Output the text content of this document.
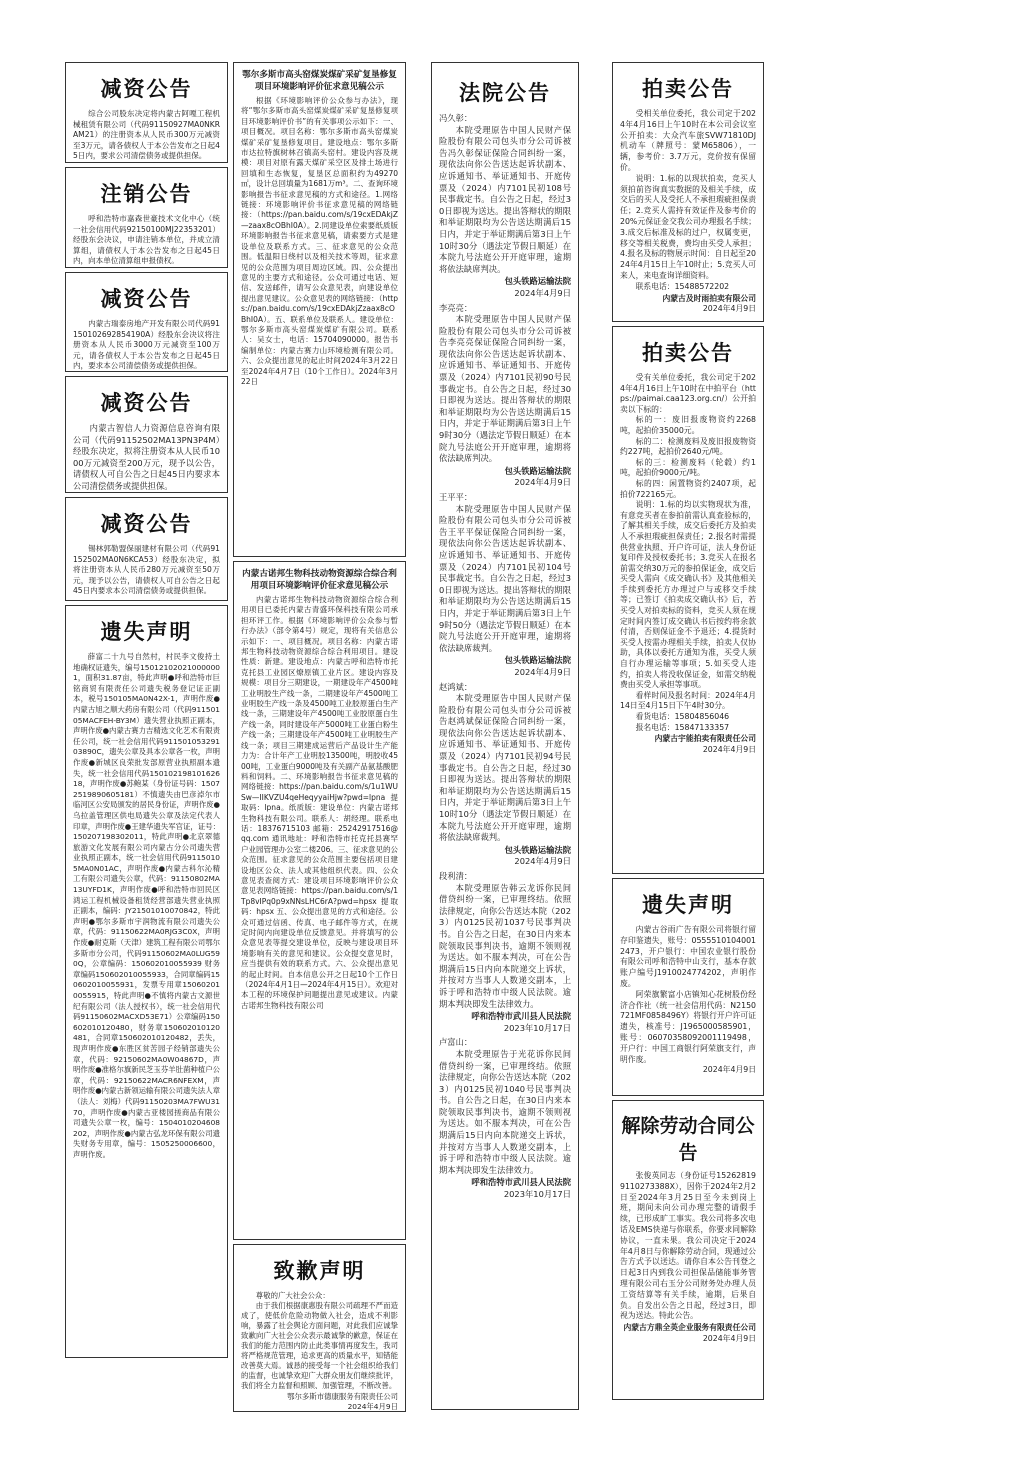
减资公告

综合公司股东决定将内蒙古阿嘎工程机械租赁有限公司（代码91150927MA0NKRAM21）的注册资本从人民币300万元减资至3万元，请各债权人于本公告发布之日起45日内，要求公司清偿债务或提供担保。

注销公告

呼和浩特市嘉森世豪技术文化中心（统一社会信用代码92150100MJ22353201）经股东会决议，申请注销本单位，并成立清算组，请债权人于本公告发布之日起45日内，向本单位清算组申报债权。

减资公告

内蒙古瑞泰房地产开发有限公司代码91150102692854190A）经股东会决议将注册资本从人民币3000万元减资至100万元，请各债权人于本公告发布之日起45日内，要求本公司清偿债务或提供担保。

减资公告

内蒙古智信人力资源信息咨询有限公司（代码91152502MA13PN3P4M）经股东决定，拟将注册资本从人民币1000万元减资至200万元，现予以公告，请债权人可自公告之日起45日内要求本公司清偿债务或提供担保。

减资公告

锡林郭勒盟保丽建材有限公司（代码91152502MA0N6KCA53）经股东决定，拟将注册资本从人民币280万元减资至50万元，现予以公告，请债权人可自公告之日起45日内要求本公司清偿债务或提供担保。

遗失声明

薛富二十九号自然村，村民李文俊持土地确权证遗失，编号150121020210000001，面积31.87亩，特此声明●呼和浩特市巨铭商贸有限责任公司遗失税务登记证正副本，税号150105MA0N42X-1，声明作废●内蒙古旭之顺大药房有限公司（代码91150105MACFEH-BY3M）遗失营业执照正副本，声明作废●内蒙古赛力吉精选文化艺术有限责任公司，统一社会信用代码91150105329103890C，遗失公章及具本公章各一枚，声明作废●新城区良荣批发部原营业执照副本遗失，统一社会信用代码15010219810162618，声明作废●苏鲍某（身份证号码：15072519890605181）不慎遗失由巴彦淖尔市临河区公安局颁发的居民身份证，声明作废●乌拉盖管理区供电局遗失公章及法定代表人印章，声明作废●王建华遗失军官证，证号：150207198302011，特此声明●北京翠德旅游文化发展有限公司内蒙古分公司遗失营业执照正副本，统一社会信用代码91150105MA0N01AC，声明作废●内蒙古科尔沁精工有限公司遗失公章，代码：91150802MA13UYFD1K，声明作废●呼和浩特市回民区鸿运工程机械设备租赁经营部遗失营业执照正副本，编码：JY21501010070842，特此声明●鄂尔多斯市宇润物流有限公司遗失公章，代码：91150622MA0RJG3C0X，声明作废●耐克斯（天津）建筑工程有限公司鄂尔多斯市分公司，代码91150602MA0LUG590Q，公章编码：150602010055939 财务章编码150602010055933，合同章编码150602010055931，发票专用章150602010055915，特此声明●不慎将内蒙古文源世纪有限公司（法人授权书），统一社会信用代码91150602MACXD53E71）公章编码150602010120480，财务章150602010120481，合同章150602010120482，丢失，现声明作废●东胜区贫苦园子经销部遗失公章，代码：92150602MA0W04867D，声明作废●准格尔旗新民芝玉芬羊肚菌种植户公章，代码：92150622MACR6NFEXM，声明作废●内蒙古新领运输有限公司遗失法人章（法人：刘梅）代码91150203MA7FWU3170，声明作废●内蒙古亚楼园搓商品有限公司遗失公章一枚，编号：1504010204608202，声明作废●内蒙古弘龙环保有限公司遗失财务专用章，编号：1505250006600，声明作废。

鄂尔多斯市高头窑煤炭煤矿采矿复垦修复项目环境影响评价征求意见稿公示

根据《环境影响评价公众参与办法》，现将“鄂尔多斯市高头窑煤炭煤矿采矿复垦修复项目环境影响评价书”的有关事项公示如下：一、项目概况。项目名称：鄂尔多斯市高头窑煤炭煤矿采矿复垦修复项目。建设地点：鄂尔多斯市达拉特旗树林召镇高头窑村。建设内容及规模：项目对原有露天煤矿采空区及排土场进行回填和生态恢复，复垦区总面积约为49270㎡，设计总回填量为1681万m³。二、查询环境影响报告书征求意见稿的方式和途径。1.网络链接：环境影响评价书征求意见稿的网络链接：（https://pan.baidu.com/s/19cxEDAkjZ—zaax8cOBhI0A）。2.同建设单位索要纸质版环境影响报告书征求意见稿，请索要方式是建设单位及联系方式。三、征求意见的公众范围。低温阳日绕村以及相关技术等周，征求意见的公众范围为项目周边区域。四、公众提出意见的主要方式和途径。公众可通过电话、短信、发送邮件，请写公众意见表，向建设单位提出意见建议。公众意见表的网络链接：（https://pan.baidu.com/s/19cxEDAkjZzaax8cOBhI0A）。五、联系单位及联系人。建设单位：鄂尔多斯市高头窑煤炭煤矿有限公司。联系人：吴女士，电话：15704090000。报告书编制单位：内蒙古赛力山环境检测有限公司。六、公众提出意见的起止时间2024年3月22日至2024年4月7日（10个工作日）。2024年3月22日

内蒙古诺邦生物科技动物资源综合综合利用项目环境影响评价征求意见稿公示

内蒙古诺邦生物科技动物资源综合综合利用项目已委托内蒙古青盛环保科技有限公司承担环评工作。根据《环境影响评价公众参与暂行办法》（部令第4号）规定，现将有关信息公示如下：一、项目概况。项目名称：内蒙古诺邦生物科技动物资源综合综合利用项目。建设性质：新建。建设地点：内蒙古呼和浩特市托克托县工业园区燎原镇工业片区。建设内容及规模：项目分三期建设，一期建设年产4500吨工业明胶生产线一条，二期建设年产4500吨工业明胶生产线一条及4500吨工业胶原蛋白生产线一条，三期建设年产4500吨工业胶原蛋白生产线一条，同时建设年产5000吨工业蛋白粉生产线一条；三期建设年产4500吨工业明胶生产线一条；项目三期建成运营后产品设计生产能力为：合计年产工业明胶13500吨，明胶收4500吨，工业蛋白9000吨及有关副产品氨基酸肥料和饲料。二、环境影响报告书征求意见稿的网络链接：https://pan.baidu.com/s/1u1WUSw—IIKVZU4qeHeqyyaiHjw?pwd=lpna 提取码：lpna。纸质版：建设单位：内蒙古诺邦生物科技有限公司。联系人：胡经理。联系电话：18376715103 邮箱：25242917516@qq.com 通讯地址：呼和浩特市托克托县赛罕户业园管理办公室二楼206。三、征求意见的公众范围。征求意见的公众范围主要包括项目建设地区公众、法人或其他组织代表。四、公众意见表查阅方式：建设项目环境影响评价公众意见表网络链接：https://pan.baidu.com/s/1Tp8vIPq0p9xNNsLHC6rA?pwd=hpsx 提取码：hpsx 五、公众提出意见的方式和途径。公众可通过信函、传真、电子邮件等方式，在规定时间内向建设单位反馈意见。并将填写的公众意见表等提交建设单位，反映与建设项目环境影响有关的意见和建议。公众提交意见时，应当提供有效的联系方式。六、公众提出意见的起止时间。自本信息公开之日起10个工作日（2024年4月1日—2024年4月15日）。欢迎对本工程的环境保护问题提出意见或建议。内蒙古诺邦生物科技有限公司

致歉声明

尊敬的广大社会公众：

由于我们根据康惠股有限公司疏理不严而造成了，使低价危险动物做入社会，造成不利影响，暴露了社会舆论方面问题，对此我们应诚挚致歉向广大社会公众表示最诚挚的歉意，保证在我们的能力范围内防止此类事情再度发生，我司将严格规范管理，追求更高的质量水平，知错能改善莫大焉。诚恳的接受每一个社会组织给我们的监督，也诚挚欢迎广大群众朋友们继续批评，我们将全力监督和照顾、加强管理，不断改善。

鄂尔多斯市德康服务有限责任公司
2024年4月9日
法院公告

冯久彰：

本院受理原告中国人民财产保险股份有限公司包头市分公司诉被告冯久彰保证保险合同纠纷一案，现依法向你公告送达起诉状副本、应诉通知书、举证通知书、开庭传票及（2024）内7101民初108号民事裁定书。自公告之日起，经过30日即视为送达。提出答辩状的期限和举证期限均为公告送达期满后15日内，并定于举证期满后第3日上午10时30分（遇法定节假日顺延）在本院九号法庭公开开庭审理，逾期将依法缺席判决。

包头铁路运输法院
2024年4月9日

李亮亮：

本院受理原告中国人民财产保险股份有限公司包头市分公司诉被告李亮亮保证保险合同纠纷一案，现依法向你公告送达起诉状副本、应诉通知书、举证通知书、开庭传票及（2024）内7101民初90号民事裁定书。自公告之日起，经过30日即视为送达。提出答辩状的期限和举证期限均为公告送达期满后15日内，并定于举证期满后第3日上午9时30分（遇法定节假日顺延）在本院九号法庭公开开庭审理，逾期将依法缺席判决。

包头铁路运输法院
2024年4月9日

王平平：

本院受理原告中国人民财产保险股份有限公司包头市分公司诉被告王平平保证保险合同纠纷一案，现依法向你公告送达起诉状副本、应诉通知书、举证通知书、开庭传票及（2024）内7101民初104号民事裁定书。自公告之日起，经过30日即视为送达。提出答辩状的期限和举证期限均为公告送达期满后15日内，并定于举证期满后第3日上午9时50分（遇法定节假日顺延）在本院九号法庭公开开庭审理，逾期将依法缺席裁判。

包头铁路运输法院
2024年4月9日

赵鸿斌：

本院受理原告中国人民财产保险股份有限公司包头市分公司诉被告赵鸿斌保证保险合同纠纷一案，现依法向你公告送达起诉状副本、应诉通知书、举证通知书、开庭传票及（2024）内7101民初94号民事裁定书。自公告之日起，经过30日即视为送达。提出答辩状的期限和举证期限均为公告送达期满后15日内，并定于举证期满后第3日上午10时10分（遇法定节假日顺延）在本院九号法庭公开开庭审理，逾期将依法缺席裁判。

包头铁路运输法院
2024年4月9日

段利清：

本院受理原告韩云龙诉你民间借贷纠纷一案，已审理终结。依照法律规定，向你公告送达本院（2023）内0125民初1037号民事判决书。自公告之日起，在30日内来本院领取民事判决书，逾期不领则视为送达。如不服本判决，可在公告期满后15日内向本院递交上诉状，并按对方当事人人数递交副本，上诉于呼和浩特市中级人民法院。逾期本判决即发生法律效力。

呼和浩特市武川县人民法院
2023年10月17日

卢富山：

本院受理原告于光花诉你民间借贷纠纷一案，已审理终结。依照法律规定，向你公告送达本院（2023）内0125民初1040号民事判决书。自公告之日起，在30日内来本院领取民事判决书，逾期不领则视为送达。如不服本判决，可在公告期满后15日内向本院递交上诉状，并按对方当事人人数递交副本，上诉于呼和浩特市中级人民法院。逾期本判决即发生法律效力。

呼和浩特市武川县人民法院
2023年10月17日
拍卖公告

受相关单位委托，我公司定于2024年4月16日上午10时在本公司会议室公开拍卖：大众汽车旅SVW71810DJ机动车（牌照号：蒙M65806），一辆，参考价：3.7万元，竞价按有保留价。

说明：1.标的以现状拍卖，竞买人须拍前咨询真实数据的及相关手续，成交后的买人及受托人不承担瑕疵担保责任；2.竞买人需持有效证件及参考价的20%元保证金交我公司办理报名手续；3.成交后标准及标的过户，权属变更，移交等相关税费，费均由买受人承担；4.报名及标的物展示时间：自日起至2024年4月15日上午10时止；5.竞买人可来人，来电查询详细资料。

联系电话：15488572202

内蒙古及时雨拍卖有限公司
2024年4月9日
拍卖公告

受有关单位委托，我公司定于2024年4月16日上午10时在中拍平台（https://paimai.caa123.org.cn/）公开拍卖以下标的：

标的一：废旧报废物资约2268吨，起拍价35000元。

标的二：检测废料及废旧报废物资约227吨，起拍价2640元/吨。

标的三：检测废料（轮毂）约1吨，起拍价9000元/吨。

标的四：闲置物资约2407项，起拍价722165元。

说明：1.标的均以实物现状为准，有意竞买者在参拍前需认真查验标的，了解其相关手续，成交后委托方及拍卖人不承担瑕疵担保责任；2.报名时需提供营业执照、开户许可证，法人身份证复印件及授权委托书；3.竞买人在报名前需交纳30万元的参拍保证金，成交后买受人需向《成交确认书》及其他相关手续到委托方办理过户与或移交手续等；已签订《拍卖成交确认书》后，若买受人对拍卖标的资料，竞买人须在规定时间内签订成交确认书后按约将余款付清，否则保证金不予退还；4.提货时买受人按需办理相关手续，拍卖人仅协助，具体以委托方通知为准，买受人须自行办理运输等事项；5.如买受人违约，拍卖人将没收保证金，如需交纳税费由买受人承担等事项。

看样时间及报名时间：2024年4月14日至4月15日下午4时30分。

看货电话：15804856046

报名电话：15847133357

内蒙古宇能拍卖有限责任公司
2024年4月9日
遗失声明

内蒙古谷雨广告有限公司将银行留存印鉴遗失，账号：05555101040012473，开户银行：中国农业银行股份有限公司呼和浩特中山支行，基本存款账户编号J1910024774202，声明作废。

阿荣旗繁富小店镇知心花树股份经济合作社（统一社会信用代码：N2150721MF0858496Y）将银行开户许可证遗失，核准号：J1965000585901，账号：06070358092001119498，开户行：中国工商银行阿荣旗支行，声明作废。

2024年4月9日
解除劳动合同公告

张俊英同志（身份证号152628199110273388X），因你于2024年2月2日至2024年3月25日至今未到岗上班，期间未向公司办理完整的请假手续，已形成旷工事实。我公司将多次电话及EMS快递与你联系，你要求同解除协议，一直未果。我公司决定于2024年4月8日与你解除劳动合同，现通过公告方式予以送达。请你自本公告刊登之日起3日内到我公司担保品储能事务管理有限公司右玉分公司财务处办理人员工资结算等有关手续，逾期，后果自负。自发出公告之日起，经过3日，即视为送达。特此公告。

内蒙古方鼎全英企业服务有限责任公司
2024年4月9日
